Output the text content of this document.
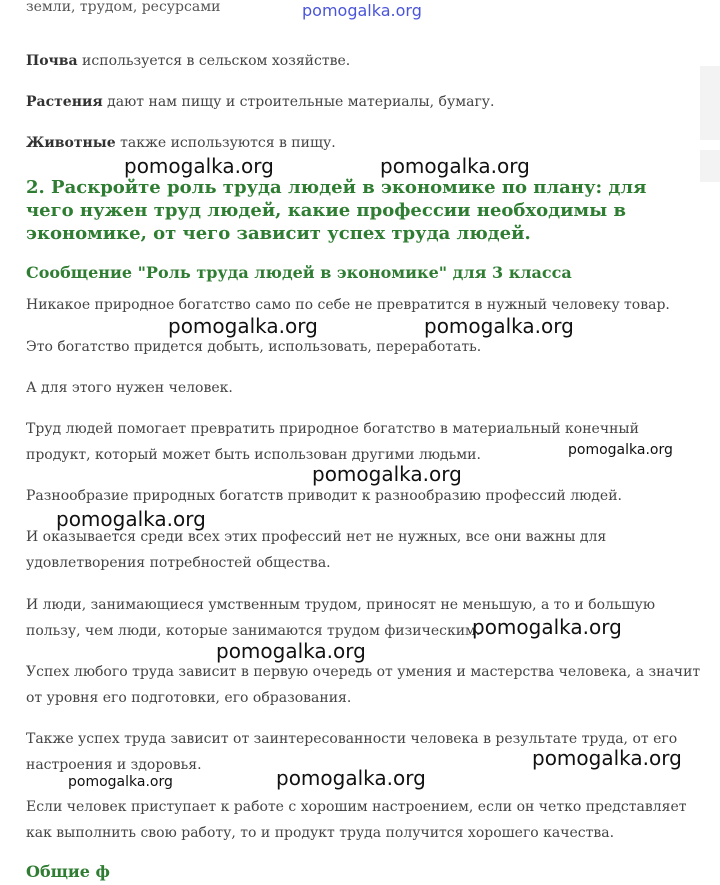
земли, трудом, ресурсами	pomogalka.org
Почва используется в сельском хозяйстве.
Растения дают нам пищу и строительные материалы, бумагу.
Животные также используются в пищу.
2. Раскройте роль труда людей в экономике по плану: для чего нужен труд людей, какие профессии необходимы в экономике, от чего зависит успех труда людей.
Сообщение "Роль труда людей в экономике" для 3 класса
Никакое природное богатство само по себе не превратится в нужный человеку товар.
Это богатство придется добыть, использовать, переработать.
А для этого нужен человек.
Труд людей помогает превратить природное богатство в материальный конечный
продукт, который может быть использован другими людьми.
Разнообразие природных богатств приводит к разнообразию профессий людей.
И оказывается среди всех этих профессий нет не нужных, все они важны для
удовлетворения потребностей общества.
И люди, занимающиеся умственным трудом, приносят не меньшую, а то и большую
пользу, чем люди, которые занимаются трудом физическим.
Успех любого труда зависит в первую очередь от умения и мастерства человека, а значит
от уровня его подготовки, его образования.
Также успех труда зависит от заинтересованности человека в результате труда, от его
настроения и здоровья.
Если человек приступает к работе с хорошим настроением, если он четко представляет
как выполнить свою работу, то и продукт труда получится хорошего качества.
Общие ф
pomogalka.org	pomogalka.org
pomogalka.org	pomogalka.org
pomogalka.org
pomogalka.org
pomogalka.org
pomogalka.org
pomogalka.org
pomogalka.org
pomogalka.org
pomogalka.org
